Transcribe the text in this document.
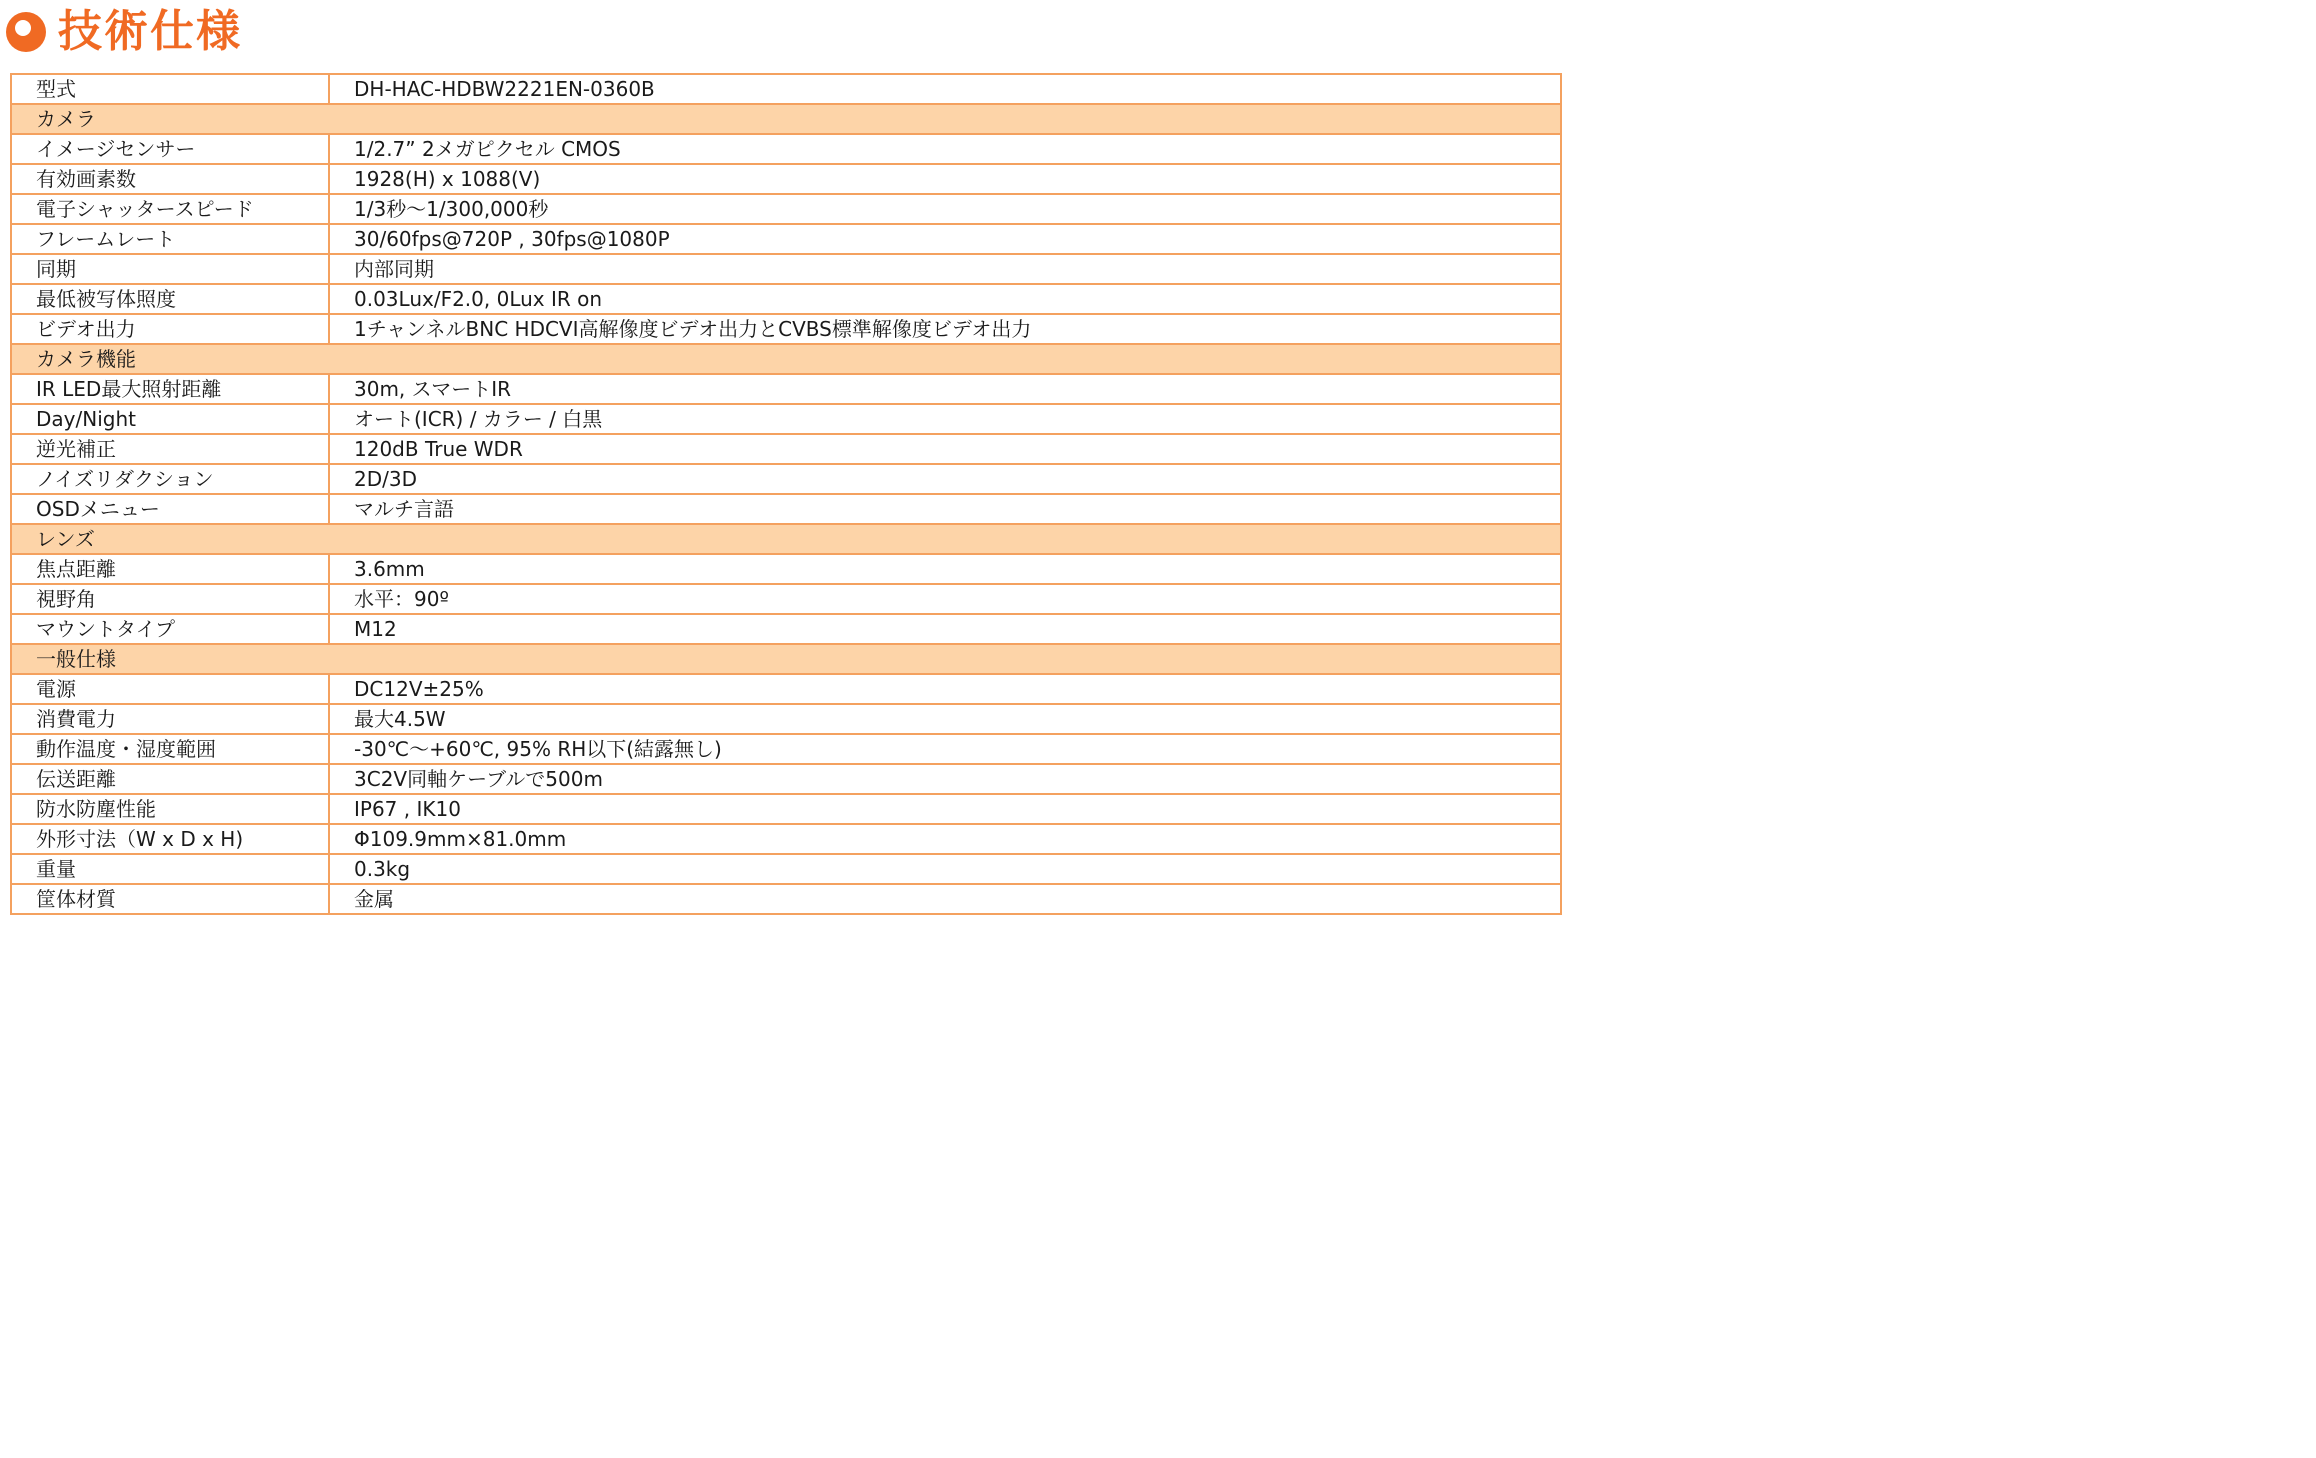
技術仕様
型式	DH-HAC-HDBW2221EN-0360B
カメラ	
イメージセンサー	1/2.7” 2メガピクセル CMOS
有効画素数	1928(H) x 1088(V)
電子シャッタースピード	1/3秒～1/300,000秒
フレームレート	30/60fps@720P , 30fps@1080P
同期	内部同期
最低被写体照度	0.03Lux/F2.0, 0Lux IR on
ビデオ出力	1チャンネルBNC HDCVI高解像度ビデオ出力とCVBS標準解像度ビデオ出力
カメラ機能	
IR LED最大照射距離	30m, スマートIR
Day/Night	オート(ICR) / カラー / 白黒
逆光補正	120dB True WDR
ノイズリダクション	2D/3D
OSDメニュー	マルチ言語
レンズ	
焦点距離	3.6mm
視野角	水平：90º
マウントタイプ	M12
一般仕様	
電源	DC12V±25%
消費電力	最大4.5W
動作温度・湿度範囲	-30℃～+60℃, 95% RH以下(結露無し)
伝送距離	3C2V同軸ケーブルで500m
防水防塵性能	IP67 , IK10
外形寸法（W x D x H)	Φ109.9mm×81.0mm
重量	0.3kg
筐体材質	金属
